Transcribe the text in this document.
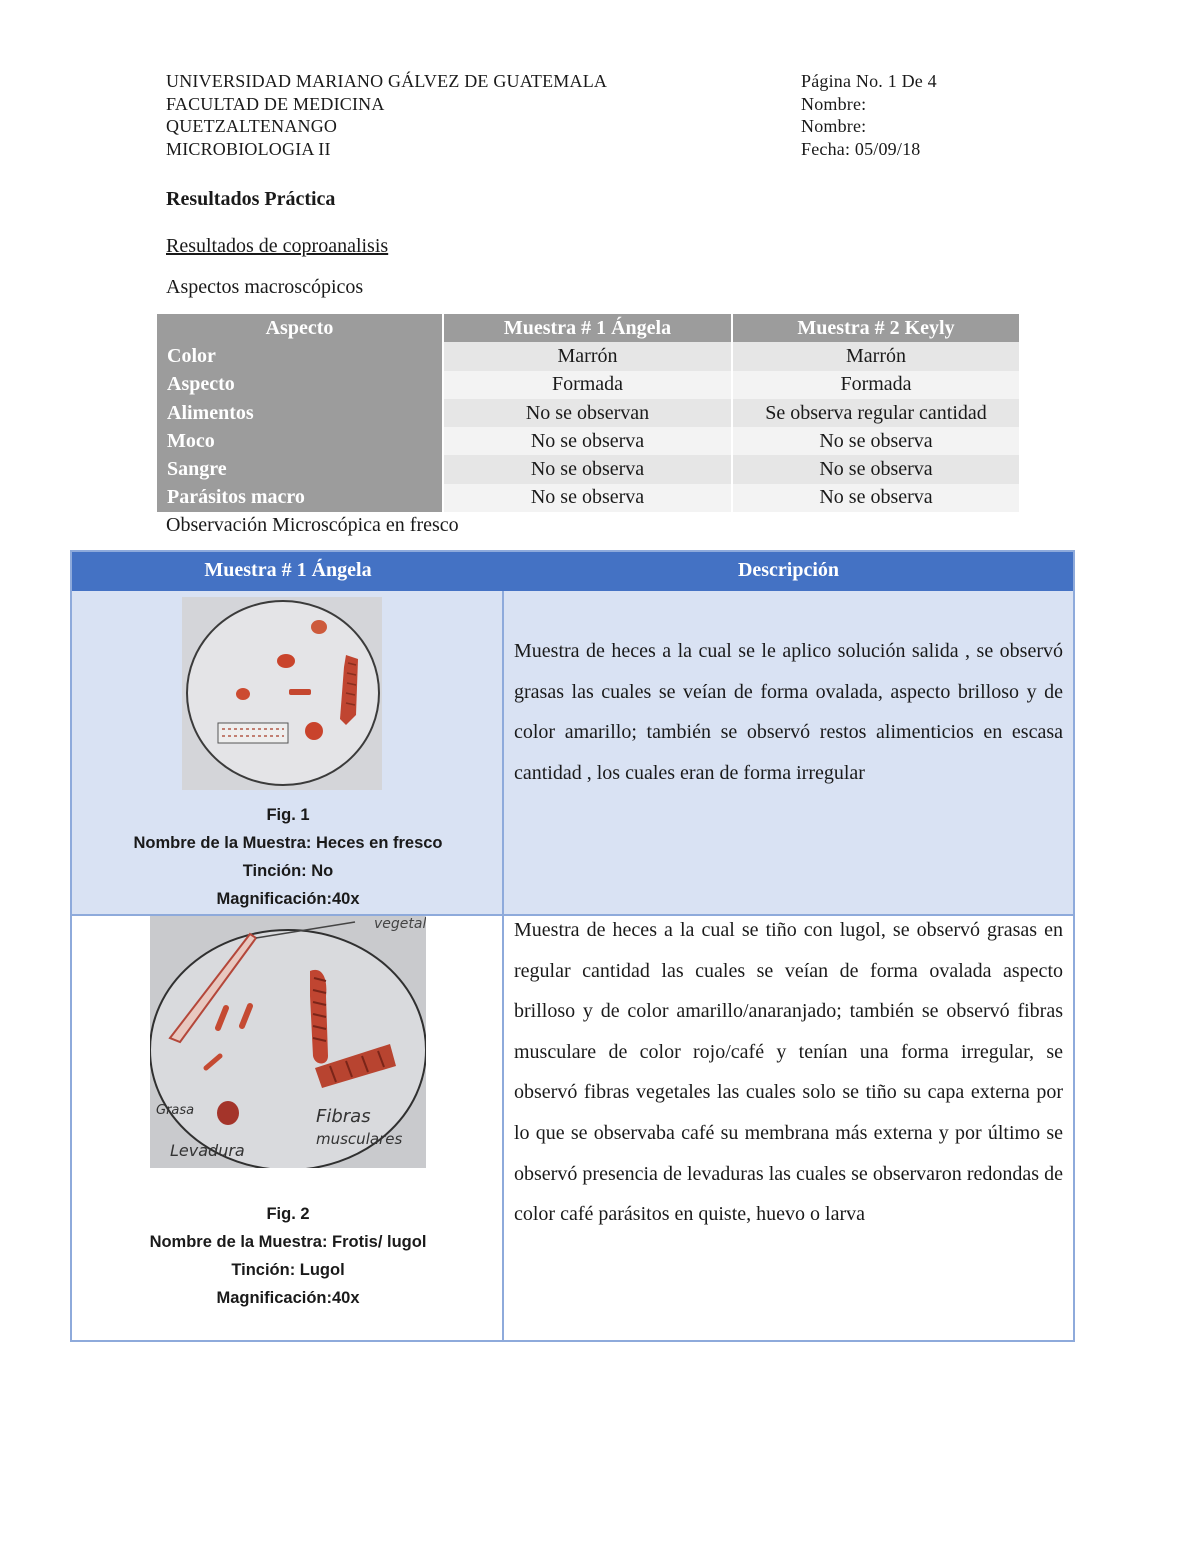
UNIVERSIDAD MARIANO GÁLVEZ DE GUATEMALA
FACULTAD DE MEDICINA
QUETZALTENANGO
MICROBIOLOGIA II
Página No. 1 De 4
Nombre:
Nombre:
Fecha: 05/09/18
Resultados Práctica
Resultados de coproanalisis
Aspectos macroscópicos
Aspecto	Muestra # 1 Ángela	Muestra # 2 Keyly
Color	Marrón	Marrón
Aspecto	Formada	Formada
Alimentos	No se observan	Se observa regular cantidad
Moco	No se observa	No se observa
Sangre	No se observa	No se observa
Parásitos macro	No se observa	No se observa
Observación Microscópica en fresco
Muestra # 1 Ángela	Descripción
Fig. 1
Nombre de la Muestra: Heces en fresco
Tinción: No
Magnificación:40x
Muestra de heces a la cual se le aplico solución salida , se observó grasas las cuales se veían de forma ovalada, aspecto brilloso y de color amarillo; también se observó restos alimenticios en escasa cantidad , los cuales eran de forma irregular
vegetal
Grasa	Fibras
Levadura
musculares
Fig. 2
Nombre de la Muestra: Frotis/ lugol
Tinción: Lugol
Magnificación:40x
Muestra de heces a la cual se tiño con lugol, se observó grasas en regular cantidad las cuales se veían de forma ovalada aspecto brilloso y de color amarillo/anaranjado; también se observó fibras musculare de color rojo/café y tenían una forma irregular, se observó fibras vegetales las cuales solo se tiño su capa externa por lo que se observaba café su membrana más externa y por último se observó presencia de levaduras las cuales se observaron redondas de color café parásitos en quiste, huevo o larva
